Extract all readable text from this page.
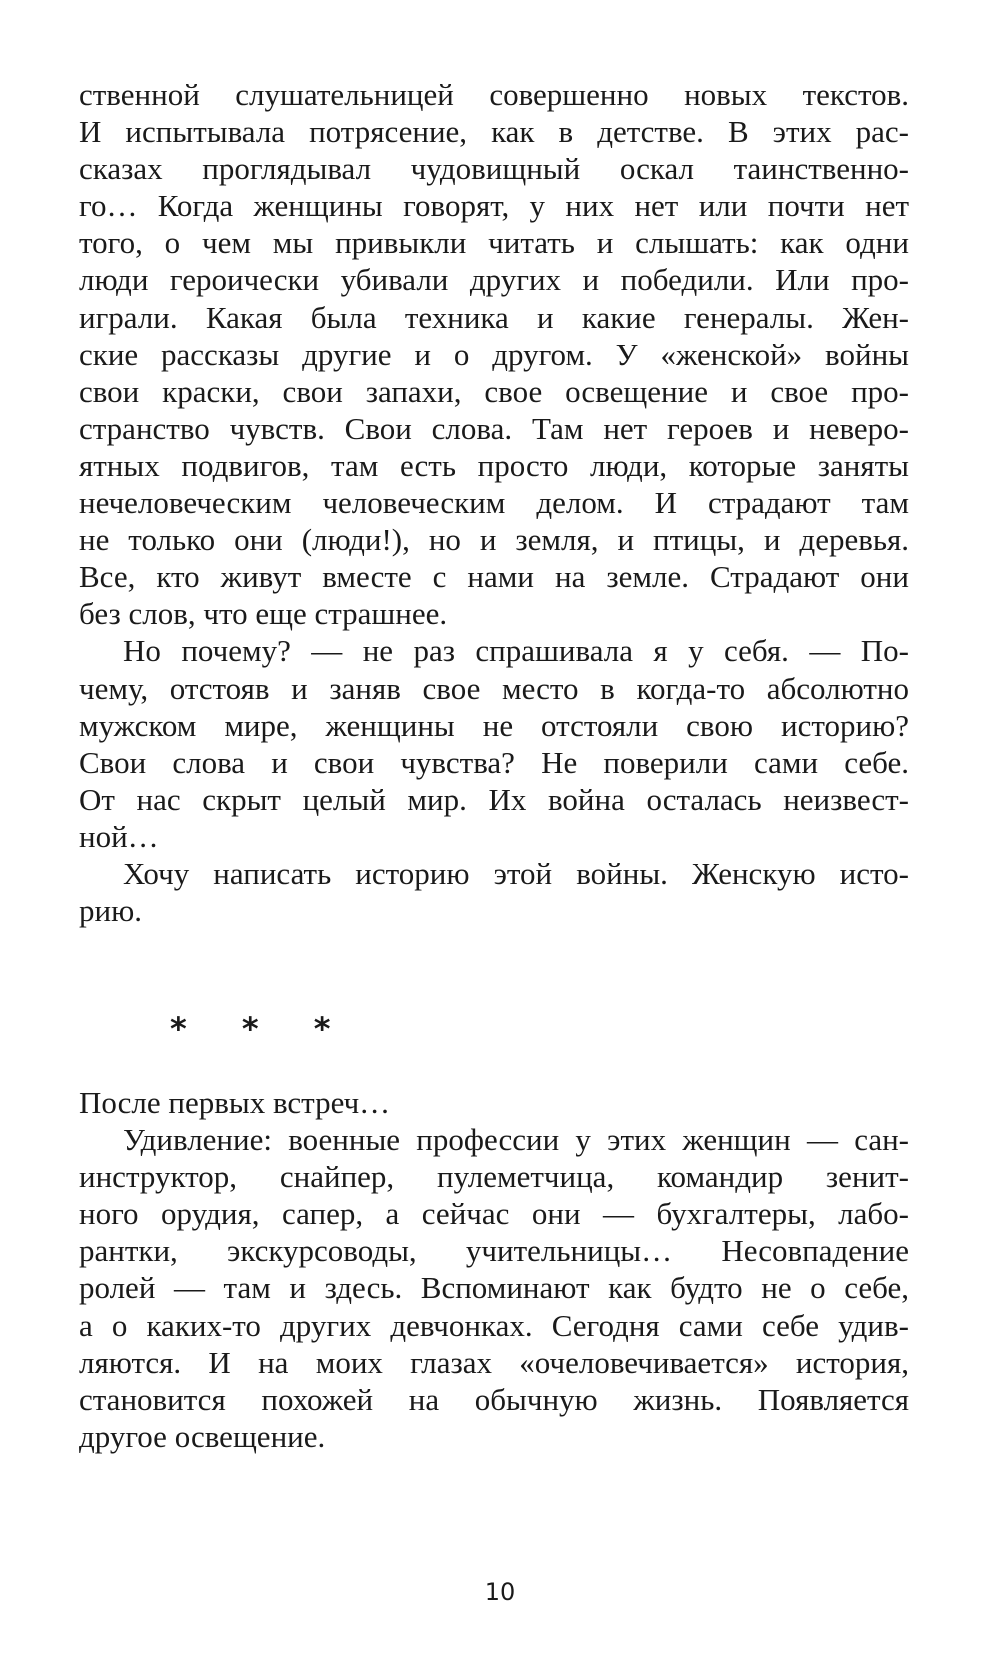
ственной слушательницей совершенно новых текстов.
И испытывала потрясение, как в детстве. В этих рас-
сказах проглядывал чудовищный оскал таинственно-
го… Когда женщины говорят, у них нет или почти нет
того, о чем мы привыкли читать и слышать: как одни
люди героически убивали других и победили. Или про-
играли. Какая была техника и какие генералы. Жен-
ские рассказы другие и о другом. У «женской» войны
свои краски, свои запахи, свое освещение и свое про-
странство чувств. Свои слова. Там нет героев и неверо-
ятных подвигов, там есть просто люди, которые заняты
нечеловеческим человеческим делом. И страдают там
не только они (люди!), но и земля, и птицы, и деревья.
Все, кто живут вместе с нами на земле. Страдают они
без слов, что еще страшнее.
Но почему? — не раз спрашивала я у себя. — По-
чему, отстояв и заняв свое место в когда-то абсолютно
мужском мире, женщины не отстояли свою историю?
Свои слова и свои чувства? Не поверили сами себе.
От нас скрыт целый мир. Их война осталась неизвест-
ной…
Хочу написать историю этой войны. Женскую исто-
рию.
* * *
После первых встреч…
Удивление: военные профессии у этих женщин — сан-
инструктор, снайпер, пулеметчица, командир зенит-
ного орудия, сапер, а сейчас они — бухгалтеры, лабо-
рантки, экскурсоводы, учительницы… Несовпадение
ролей — там и здесь. Вспоминают как будто не о себе,
а о каких-то других девчонках. Сегодня сами себе удив-
ляются. И на моих глазах «очеловечивается» история,
становится похожей на обычную жизнь. Появляется
другое освещение.
10
